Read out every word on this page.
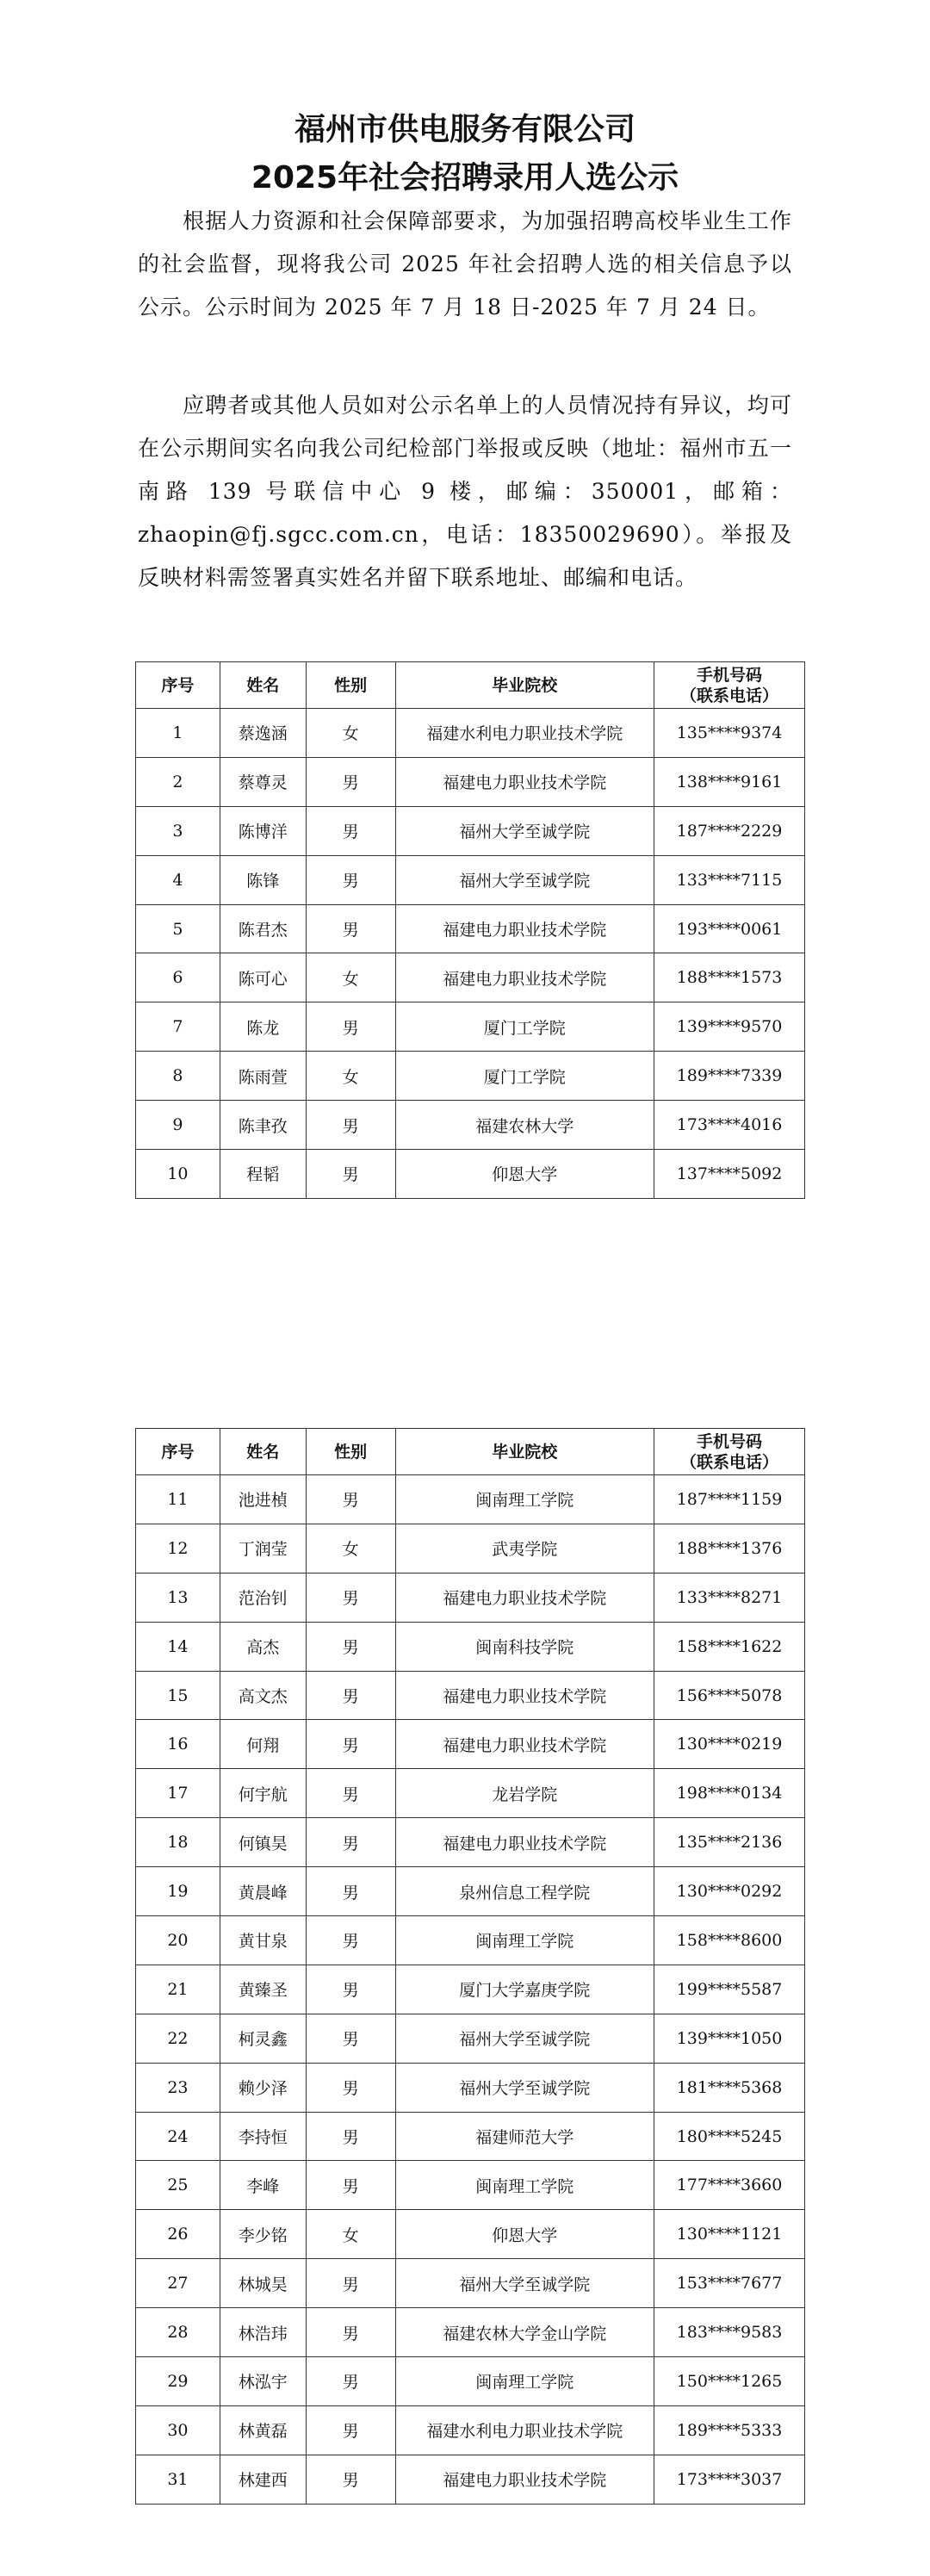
福州市供电服务有限公司
2025年社会招聘录用人选公示

根据人力资源和社会保障部要求，为加强招聘高校毕业生工作的社会监督，现将我公司 2025 年社会招聘人选的相关信息予以公示。公示时间为 2025 年 7 月 18 日-2025 年 7 月 24 日。

应聘者或其他人员如对公示名单上的人员情况持有异议，均可在公示期间实名向我公司纪检部门举报或反映（地址：福州市五一南路 139 号联信中心 9 楼，邮编：350001，邮箱：zhaopin@fj.sgcc.com.cn，电话：18350029690）。举报及反映材料需签署真实姓名并留下联系地址、邮编和电话。

序号	姓名	性别	毕业院校	手机号码
（联系电话）
1	蔡逸涵	女	福建水利电力职业技术学院	135****9374
2	蔡尊灵	男	福建电力职业技术学院	138****9161
3	陈博洋	男	福州大学至诚学院	187****2229
4	陈锋	男	福州大学至诚学院	133****7115
5	陈君杰	男	福建电力职业技术学院	193****0061
6	陈可心	女	福建电力职业技术学院	188****1573
7	陈龙	男	厦门工学院	139****9570
8	陈雨萱	女	厦门工学院	189****7339
9	陈聿孜	男	福建农林大学	173****4016
10	程韬	男	仰恩大学	137****5092
序号	姓名	性别	毕业院校	手机号码
（联系电话）
11	池进楨	男	闽南理工学院	187****1159
12	丁润莹	女	武夷学院	188****1376
13	范治钊	男	福建电力职业技术学院	133****8271
14	高杰	男	闽南科技学院	158****1622
15	高文杰	男	福建电力职业技术学院	156****5078
16	何翔	男	福建电力职业技术学院	130****0219
17	何宇航	男	龙岩学院	198****0134
18	何镇昊	男	福建电力职业技术学院	135****2136
19	黄晨峰	男	泉州信息工程学院	130****0292
20	黄甘泉	男	闽南理工学院	158****8600
21	黄臻圣	男	厦门大学嘉庚学院	199****5587
22	柯灵鑫	男	福州大学至诚学院	139****1050
23	赖少泽	男	福州大学至诚学院	181****5368
24	李持恒	男	福建师范大学	180****5245
25	李峰	男	闽南理工学院	177****3660
26	李少铭	女	仰恩大学	130****1121
27	林城昊	男	福州大学至诚学院	153****7677
28	林浩玮	男	福建农林大学金山学院	183****9583
29	林泓宇	男	闽南理工学院	150****1265
30	林黄磊	男	福建水利电力职业技术学院	189****5333
31	林建西	男	福建电力职业技术学院	173****3037
